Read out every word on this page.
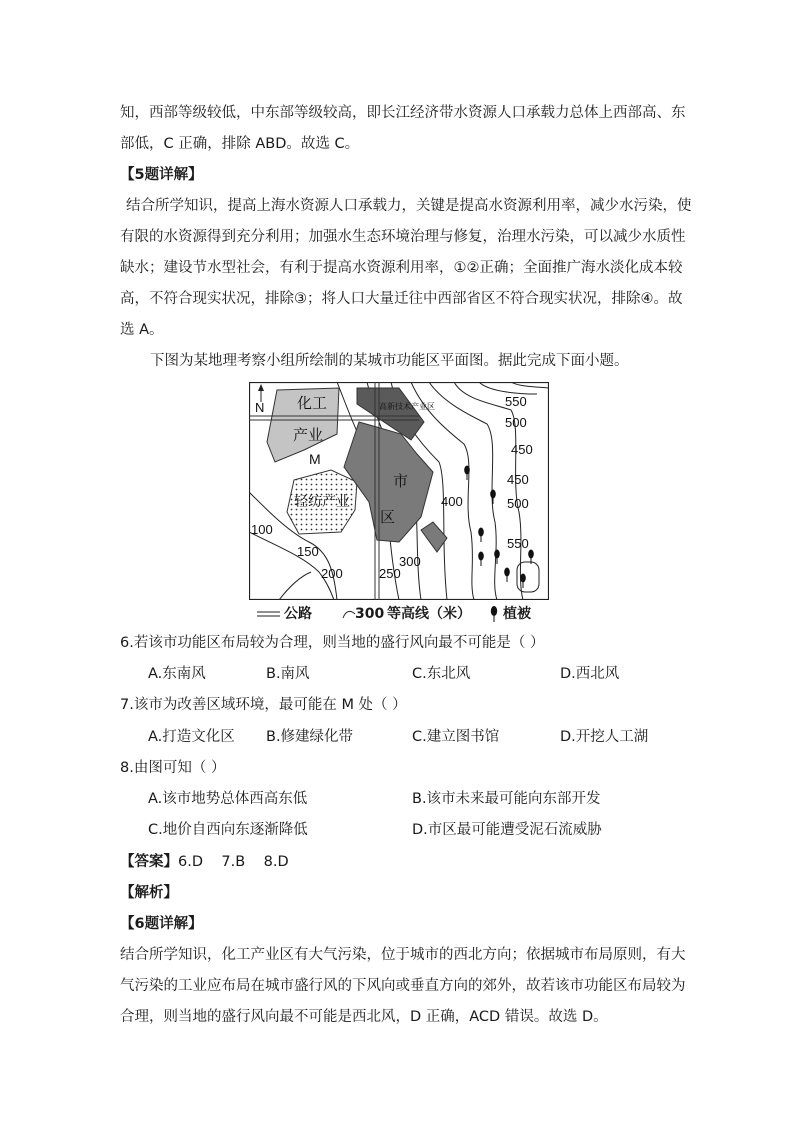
知，西部等级较低，中东部等级较高，即长江经济带水资源人口承载力总体上西部高、东
部低，C 正确，排除 ABD。故选 C。
【5题详解】
结合所学知识，提高上海水资源人口承载力，关键是提高水资源利用率，减少水污染，使
有限的水资源得到充分利用；加强水生态环境治理与修复，治理水污染，可以减少水质性
缺水；建设节水型社会，有利于提高水资源利用率，①②正确；全面推广海水淡化成本较
高，不符合现实状况，排除③；将人口大量迁往中西部省区不符合现实状况，排除④。故
选 A。
下图为某地理考察小组所绘制的某城市功能区平面图。据此完成下面小题。
N 化工
产业
M
轻纺产业
高新技术产业区
市
区
550
500
450
450
400	500
550
100
150
200	250
300
公路	300 等高线（米） 植被
6.若该市功能区布局较为合理，则当地的盛行风向最不可能是（ ）
A.东南风	B.南风	C.东北风	D.西北风
7.该市为改善区域环境，最可能在 M 处（ ）
A.打造文化区 B.修建绿化带	C.建立图书馆	D.开挖人工湖
8.由图可知（ ）
A.该市地势总体西高东低	B.该市未来最可能向东部开发
C.地价自西向东逐渐降低	D.市区最可能遭受泥石流威胁
【答案】6.D    7.B    8.D
【解析】
【6题详解】
结合所学知识，化工产业区有大气污染，位于城市的西北方向；依据城市布局原则，有大
气污染的工业应布局在城市盛行风的下风向或垂直方向的郊外，故若该市功能区布局较为
合理，则当地的盛行风向最不可能是西北风，D 正确，ACD 错误。故选 D。
